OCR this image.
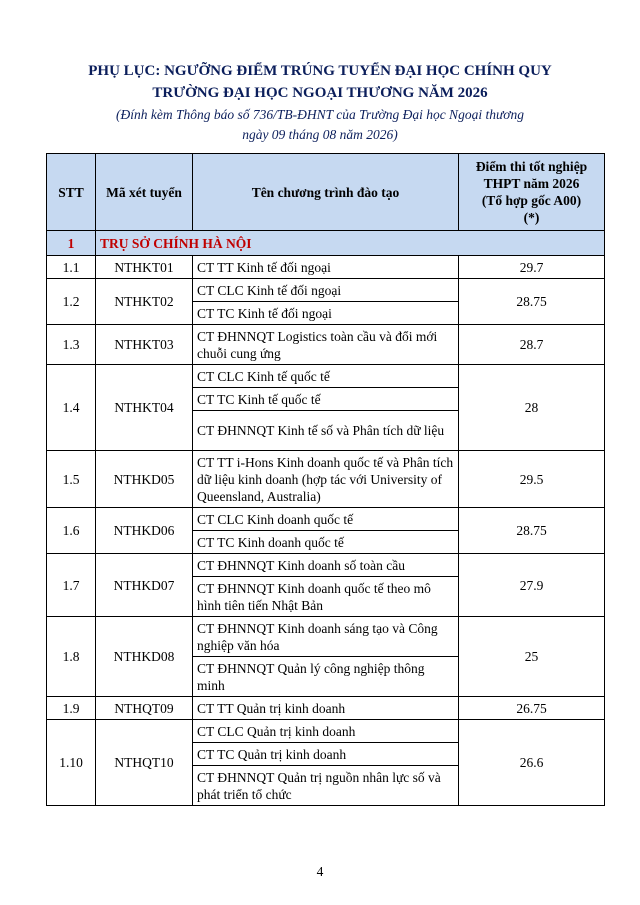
PHỤ LỤC: NGƯỠNG ĐIỂM TRÚNG TUYỂN ĐẠI HỌC CHÍNH QUY
TRƯỜNG ĐẠI HỌC NGOẠI THƯƠNG NĂM 2026
(Đính kèm Thông báo số 736/TB-ĐHNT của Trường Đại học Ngoại thương
ngày 09 tháng 08 năm 2026)
STT	Mã xét tuyển	Tên chương trình đào tạo	Điểm thi tốt nghiệp
THPT năm 2026
(Tổ hợp gốc A00)
(*)

1	TRỤ SỞ CHÍNH HÀ NỘI		
1.1	NTHKT01	CT TT Kinh tế đối ngoại	29.7
1.2	NTHKT02	CT CLC Kinh tế đối ngoại	28.75
		CT TC Kinh tế đối ngoại	
1.3	NTHKT03	CT ĐHNNQT Logistics toàn cầu và đổi mới chuỗi cung ứng	28.7
1.4	NTHKT04	CT CLC Kinh tế quốc tế	28
		CT TC Kinh tế quốc tế	
		CT ĐHNNQT Kinh tế số và Phân tích dữ liệu	
1.5	NTHKD05	CT TT i-Hons Kinh doanh quốc tế và Phân tích dữ liệu kinh doanh (hợp tác với University of Queensland, Australia)	29.5
1.6	NTHKD06	CT CLC Kinh doanh quốc tế	28.75
		CT TC Kinh doanh quốc tế	
1.7	NTHKD07	CT ĐHNNQT Kinh doanh số toàn cầu	27.9
		CT ĐHNNQT Kinh doanh quốc tế theo mô hình tiên tiến Nhật Bản	
1.8	NTHKD08	CT ĐHNNQT Kinh doanh sáng tạo và Công nghiệp văn hóa	25
		CT ĐHNNQT Quản lý công nghiệp thông minh	
1.9	NTHQT09	CT TT Quản trị kinh doanh	26.75
1.10	NTHQT10	CT CLC Quản trị kinh doanh	26.6
		CT TC Quản trị kinh doanh	
		CT ĐHNNQT Quản trị nguồn nhân lực số và phát triển tổ chức	
4
